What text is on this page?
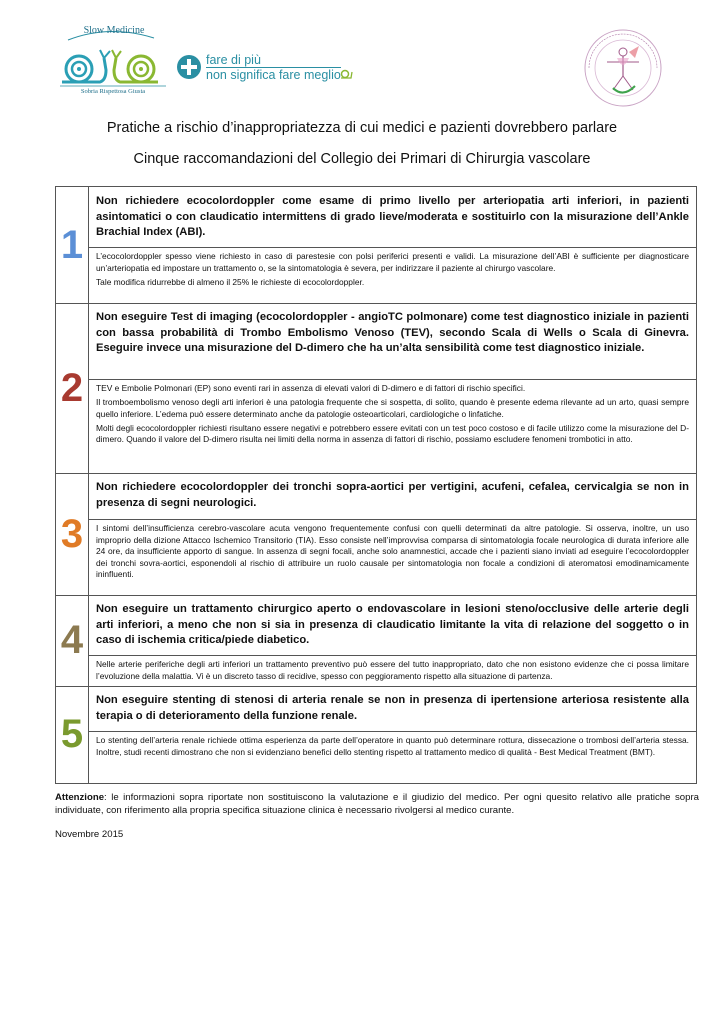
Slow Medicine
Sobria Rispettosa Giusta
fare di più
non significa fare meglio
Pratiche a rischio d’inappropriatezza di cui medici e pazienti dovrebbero parlare
Cinque raccomandazioni del Collegio dei Primari di Chirurgia vascolare
1
Non richiedere ecocolordoppler come esame di primo livello per arteriopatia arti inferiori, in pazienti asintomatici o con claudicatio intermittens di grado lieve/moderata e sostituirlo con la misurazione dell’Ankle Brachial Index (ABI).

L’ecocolordoppler spesso viene richiesto in caso di parestesie con polsi periferici presenti e validi. La misurazione dell’ABI è sufficiente per diagnosticare un’arteriopatia ed impostare un trattamento o, se la sintomatologia è severa, per indirizzare il paziente al chirurgo vascolare.

Tale modifica ridurrebbe di almeno il 25% le richieste di ecocolordoppler.

2
Non eseguire Test di imaging (ecocolordoppler - angioTC polmonare) come test diagnostico iniziale in pazienti con bassa probabilità di Trombo Embolismo Venoso (TEV), secondo Scala di Wells o Scala di Ginevra. Eseguire invece una misurazione del D-dimero che ha un’alta sensibilità come test diagnostico iniziale.

TEV e Embolie Polmonari (EP) sono eventi rari in assenza di elevati valori di D-dimero e di fattori di rischio specifici.

Il tromboembolismo venoso degli arti inferiori è una patologia frequente che si sospetta, di solito, quando è presente edema rilevante ad un arto, quasi sempre quello inferiore. L’edema può essere determinato anche da patologie osteoarticolari, cardiologiche o linfatiche.

Molti degli ecocolordoppler richiesti risultano essere negativi e potrebbero essere evitati con un test poco costoso e di facile utilizzo come la misurazione del D-dimero. Quando il valore del D-dimero risulta nei limiti della norma in assenza di fattori di rischio, possiamo escludere fenomeni trombotici in atto.

3
Non richiedere ecocolordoppler dei tronchi sopra-aortici per vertigini, acufeni, cefalea, cervicalgia se non in presenza di segni neurologici.

I sintomi dell’insufficienza cerebro-vascolare acuta vengono frequentemente confusi con quelli determinati da altre patologie. Si osserva, inoltre, un uso improprio della dizione Attacco Ischemico Transitorio (TIA). Esso consiste nell’improvvisa comparsa di sintomatologia focale neurologica di durata inferiore alle 24 ore, da insufficiente apporto di sangue. In assenza di segni focali, anche solo anamnestici, accade che i pazienti siano inviati ad eseguire l’ecocolordoppler dei tronchi sovra-aortici, esponendoli al rischio di attribuire un ruolo causale per sintomatologia non focale a condizioni di ateromatosi emodinamicamente ininfluenti.

4
Non eseguire un trattamento chirurgico aperto o endovascolare in lesioni steno/occlusive delle arterie degli arti inferiori, a meno che non si sia in presenza di claudicatio limitante la vita di relazione del soggetto o in caso di ischemia critica/piede diabetico.

Nelle arterie periferiche degli arti inferiori un trattamento preventivo può essere del tutto inappropriato, dato che non esistono evidenze che ci possa limitare l’evoluzione della malattia. Vi è un discreto tasso di recidive, spesso con peggioramento rispetto alla situazione di partenza.

5
Non eseguire stenting di stenosi di arteria renale se non in presenza di ipertensione arteriosa resistente alla terapia o di deterioramento della funzione renale.

Lo stenting dell’arteria renale richiede ottima esperienza da parte dell’operatore in quanto può determinare rottura, dissecazione o trombosi dell’arteria stessa. Inoltre, studi recenti dimostrano che non si evidenziano benefici dello stenting rispetto al trattamento medico di qualità - Best Medical Treatment (BMT).

Attenzione: le informazioni sopra riportate non sostituiscono la valutazione e il giudizio del medico. Per ogni quesito relativo alle pratiche sopra individuate, con riferimento alla propria specifica situazione clinica è necessario rivolgersi al medico curante.
Novembre 2015
